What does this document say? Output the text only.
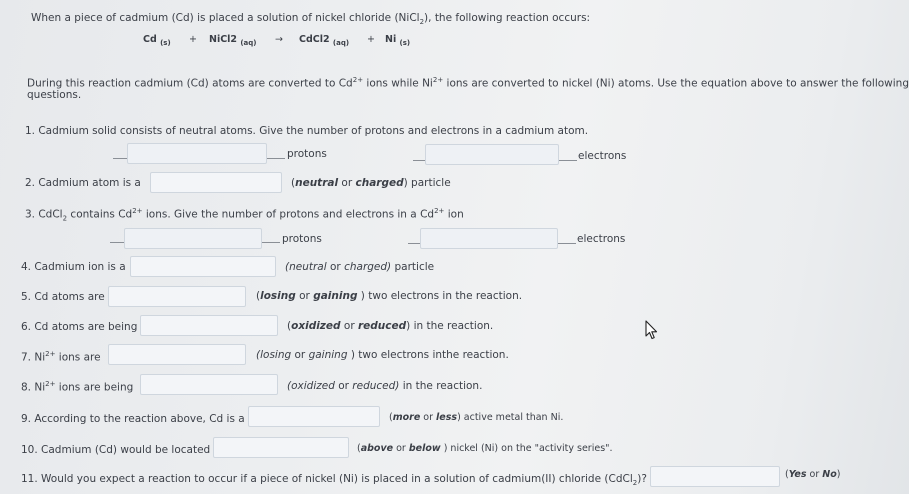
When a piece of cadmium (Cd) is placed a solution of nickel chloride (NiCl$_2$), the following reaction occurs:
Cd $_{(s)}$ + NiCl2 $_{(aq)}$ → CdCl2 $_{(aq)}$ + Ni $_{(s)}$
During this reaction cadmium (Cd) atoms are converted to $Cd^{2+}$ ions while $Ni^{2+}$ ions are converted to nickel (Ni) atoms. Use the equation above to answer the following
questions.
1. Cadmium solid consists of neutral atoms. Give the number of protons and electrons in a cadmium atom.
protons	electrons
2. Cadmium atom is a	(neutral or charged) particle
3. CdCl$_2$ contains $Cd^{2+}$ ions. Give the number of protons and electrons in a $Cd^{2+}$ ion
protons	electrons
4. Cadmium ion is a	(neutral or charged) particle
5. Cd atoms are	(losing or gaining ) two electrons in the reaction.
6. Cd atoms are being	(oxidized or reduced) in the reaction.
7. $Ni^{2+}$ ions are	(losing or gaining ) two electrons inthe reaction.
8. $Ni^{2+}$ ions are being	(oxidized or reduced) in the reaction.
9. According to the reaction above, Cd is a	(more or less) active metal than Ni.
10. Cadmium (Cd) would be located	(above or below ) nickel (Ni) on the "activity series".
11. Would you expect a reaction to occur if a piece of nickel (Ni) is placed in a solution of cadmium(II) chloride (CdCl$_2$)?	(Yes or No)
